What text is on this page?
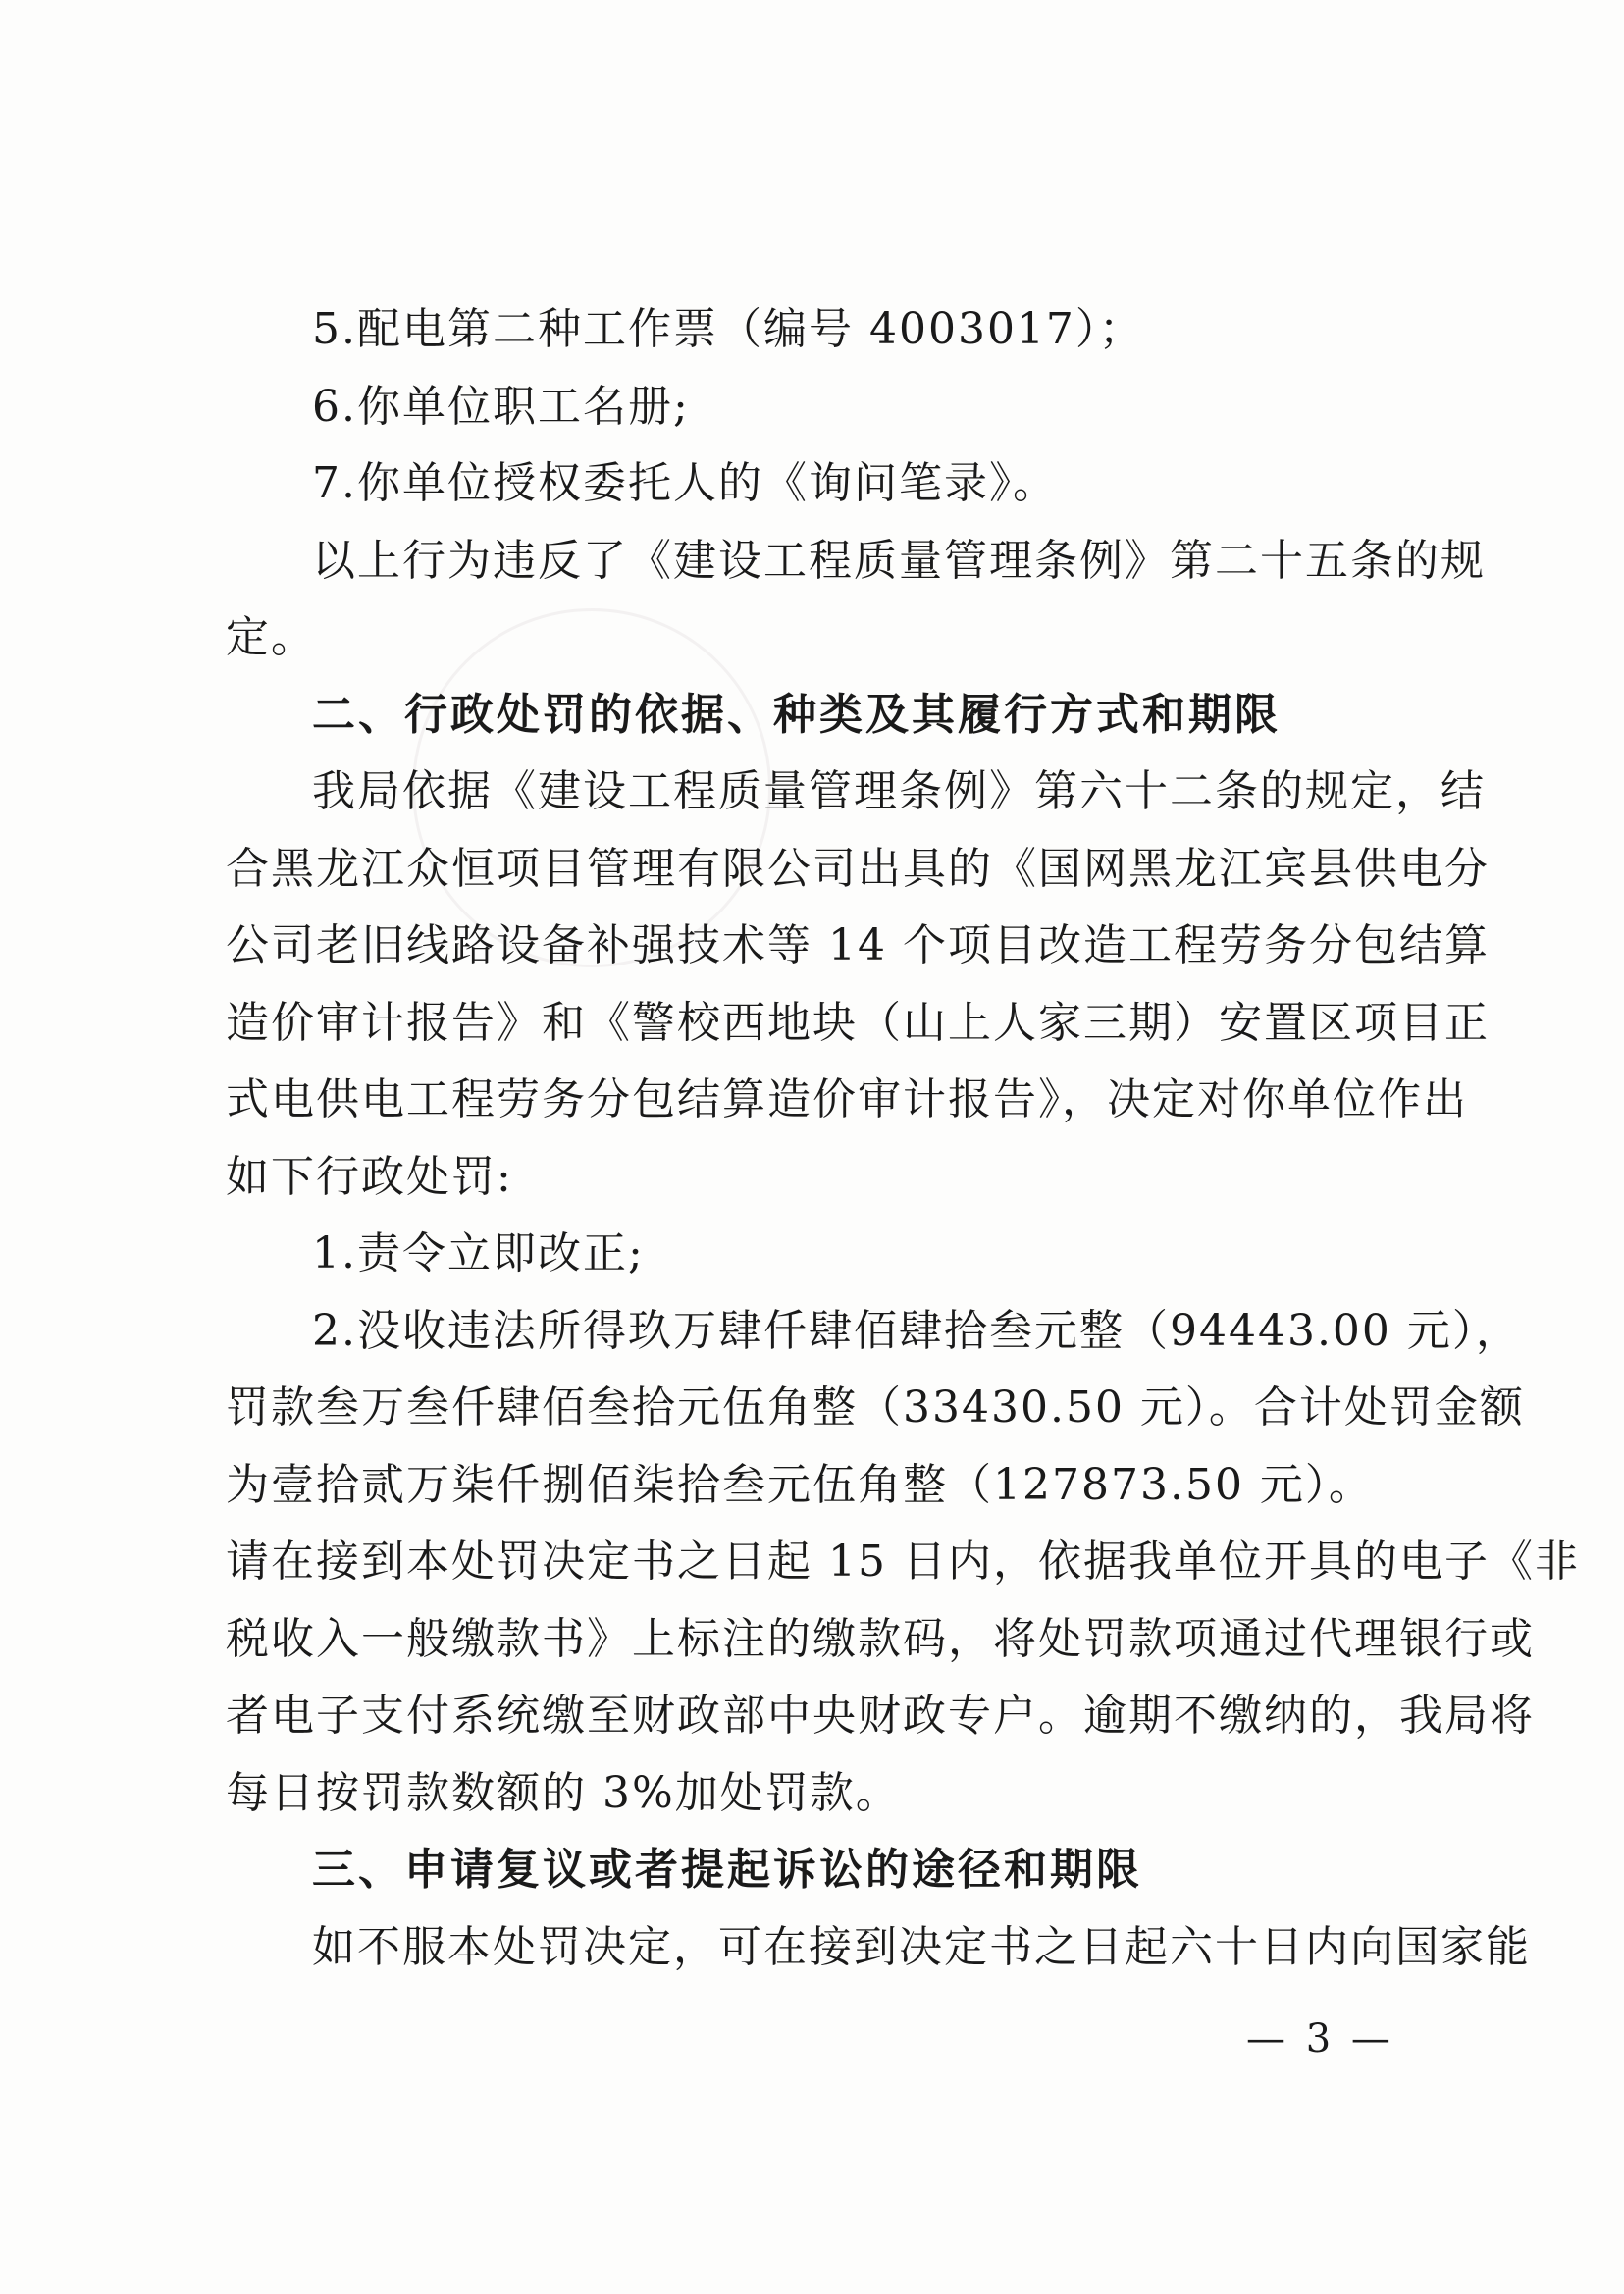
5.配电第二种工作票（编号 4003017）；
6.你单位职工名册;
7.你单位授权委托人的《询问笔录》。
以上行为违反了《建设工程质量管理条例》第二十五条的规
定。
二、行政处罚的依据、种类及其履行方式和期限
我局依据《建设工程质量管理条例》第六十二条的规定，结
合黑龙江众恒项目管理有限公司出具的《国网黑龙江宾县供电分
公司老旧线路设备补强技术等 14 个项目改造工程劳务分包结算
造价审计报告》和《警校西地块（山上人家三期）安置区项目正
式电供电工程劳务分包结算造价审计报告》，决定对你单位作出
如下行政处罚:
1.责令立即改正;
2.没收违法所得玖万肆仟肆佰肆拾叁元整（94443.00 元），
罚款叁万叁仟肆佰叁拾元伍角整（33430.50 元）。合计处罚金额
为壹拾贰万柒仟捌佰柒拾叁元伍角整（127873.50 元）。
请在接到本处罚决定书之日起 15 日内，依据我单位开具的电子《非
税收入一般缴款书》上标注的缴款码，将处罚款项通过代理银行或
者电子支付系统缴至财政部中央财政专户。逾期不缴纳的，我局将
每日按罚款数额的 3%加处罚款。
三、申请复议或者提起诉讼的途径和期限
如不服本处罚决定，可在接到决定书之日起六十日内向国家能
— 3 —
